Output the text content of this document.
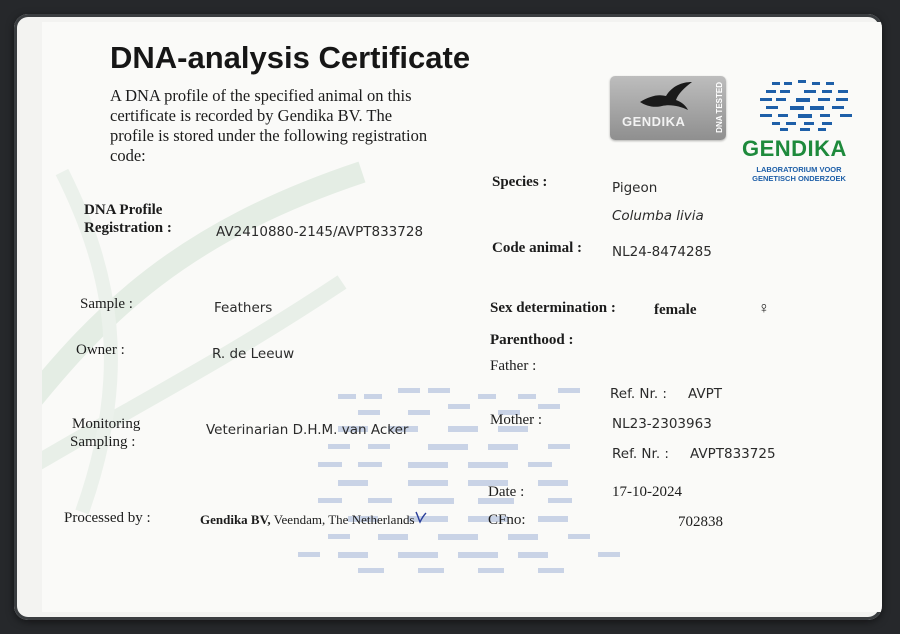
DNA-analysis Certificate
A DNA profile of the specified animal on this certificate is recorded by Gendika BV. The profile is stored under the following registration code:
GENDIKA	DNA TESTED
GENDIKA
LABORATORIUM VOOR
GENETISCH ONDERZOEK
DNA Profile
Registration :	AV2410880-2145/AVPT833728
Sample :	Feathers
Owner :	R. de Leeuw
Monitoring
Sampling :
Veterinarian D.H.M. van Acker
Processed by :	Gendika BV, Veendam, The Netherlands
Species :	Pigeon
Columba livia
Code animal : NL24-8474285
Sex determination :	female	♀
Parenthood :
Father :
Ref. Nr. : AVPT
Mother :	NL23-2303963
Ref. Nr. : AVPT833725
Date :	17-10-2024
CFno:	702838
